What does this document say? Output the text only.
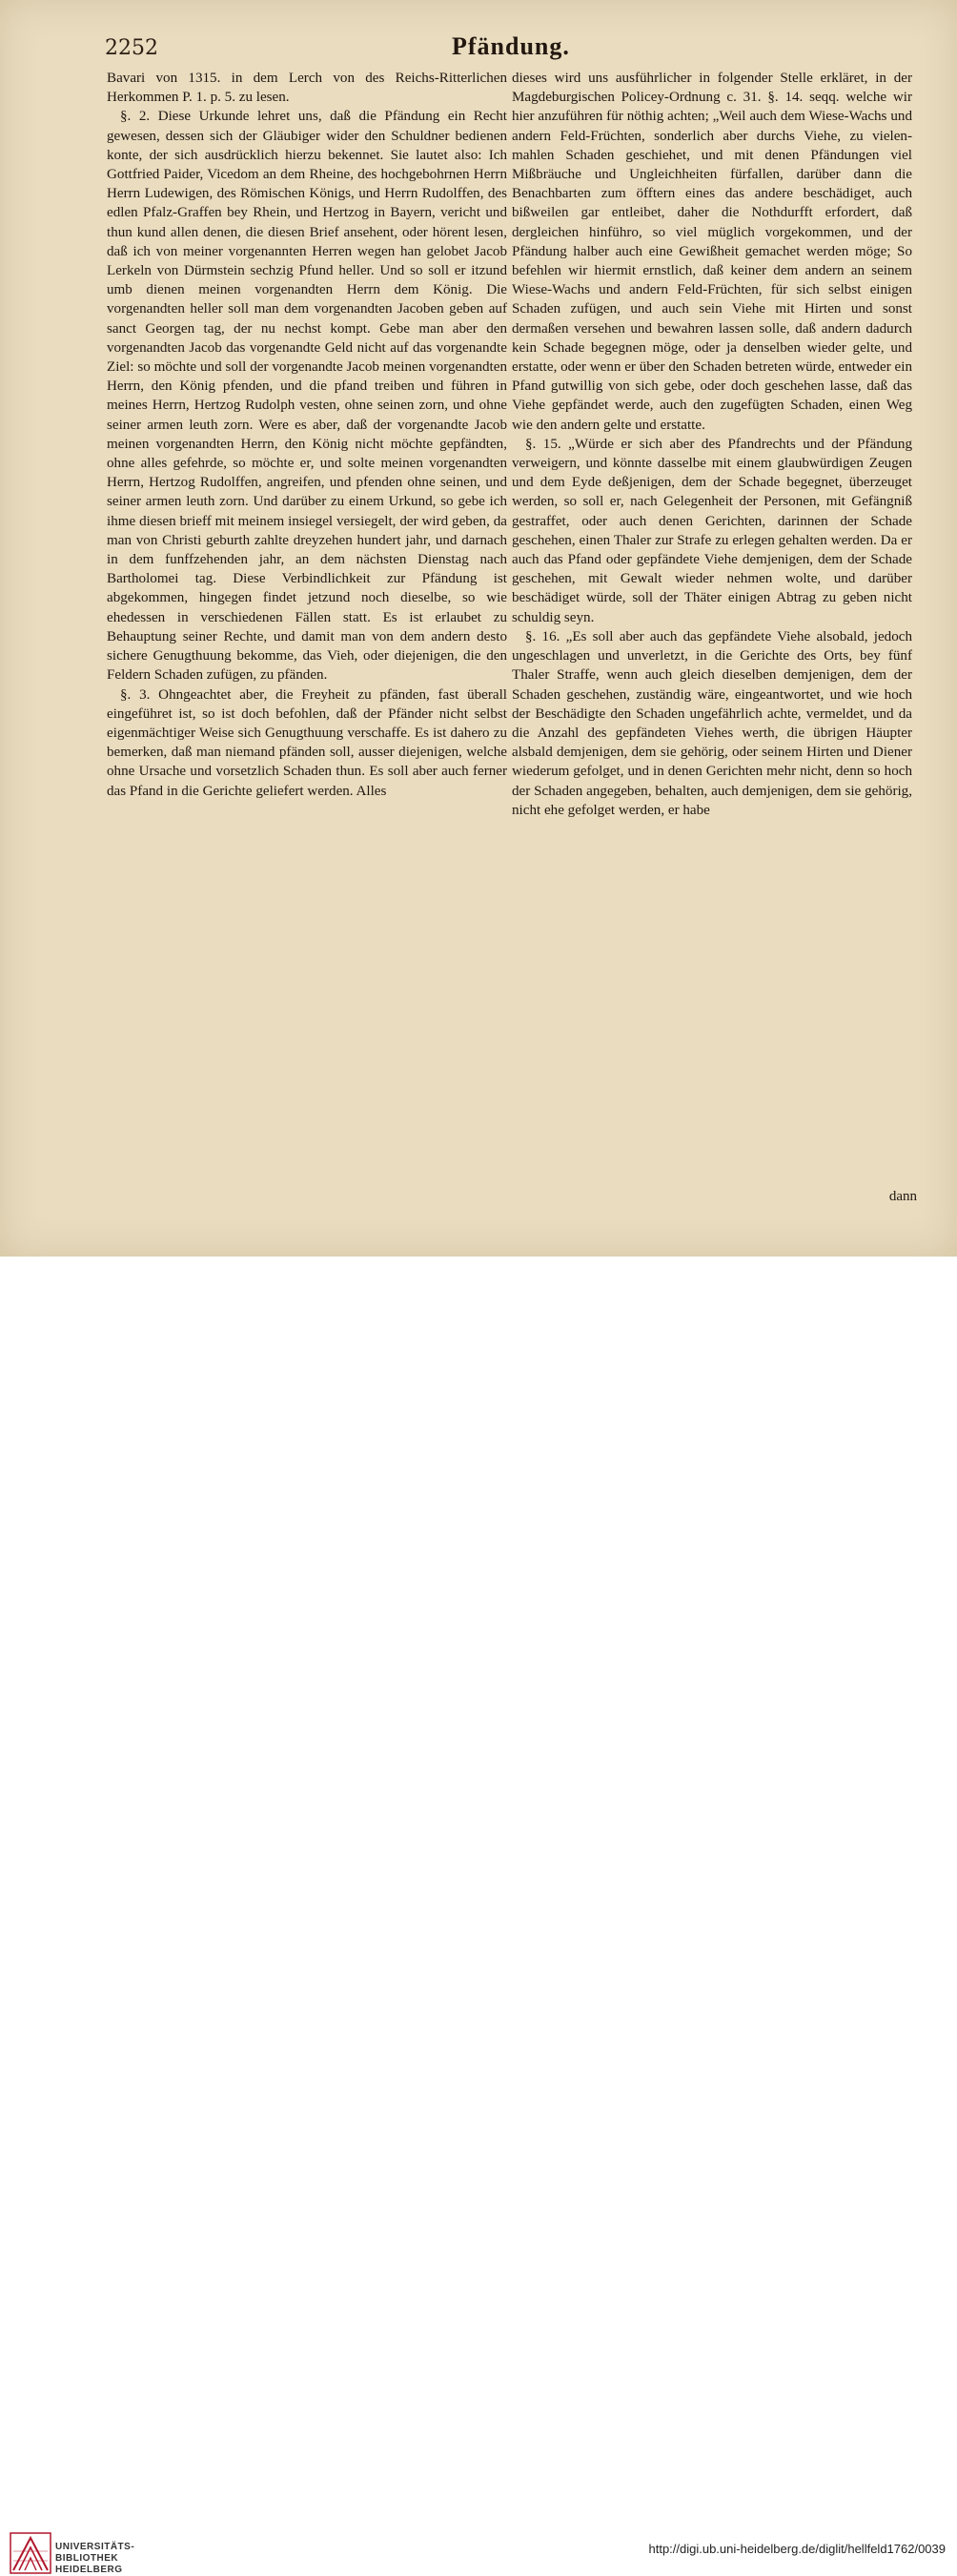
2252	Pfändung.

Bavari von 1315. in dem Lerch von des Reichs-Ritterlichen Herkommen P. 1. p. 5. zu lesen.

§. 2. Diese Urkunde lehret uns, daß die Pfändung ein Recht gewesen, dessen sich der Gläubiger wider den Schuldner bedienen konte, der sich ausdrücklich hierzu bekennet. Sie lautet also: Ich Gottfried Paider, Vicedom an dem Rheine, des hochgebohrnen Herrn Herrn Ludewigen, des Römischen Königs, und Herrn Rudolffen, des edlen Pfalz-Graffen bey Rhein, und Hertzog in Bayern, vericht und thun kund allen denen, die diesen Brief ansehent, oder hörent lesen, daß ich von meiner vorgenannten Herren wegen han gelobet Jacob Lerkeln von Dürmstein sechzig Pfund heller. Und so soll er itzund umb dienen meinen vorgenandten Herrn dem König. Die vorgenandten heller soll man dem vorgenandten Jacoben geben auf sanct Georgen tag, der nu nechst kompt. Gebe man aber den vorgenandten Jacob das vorgenandte Geld nicht auf das vorgenandte Ziel: so möchte und soll der vorgenandte Jacob meinen vorgenandten Herrn, den König pfenden, und die pfand treiben und führen in meines Herrn, Hertzog Rudolph vesten, ohne seinen zorn, und ohne seiner armen leuth zorn. Were es aber, daß der vorgenandte Jacob meinen vorgenandten Herrn, den König nicht möchte gepfändten, ohne alles gefehrde, so möchte er, und solte meinen vorgenandten Herrn, Hertzog Rudolffen, angreifen, und pfenden ohne seinen, und seiner armen leuth zorn. Und darüber zu einem Urkund, so gebe ich ihme diesen brieff mit meinem insiegel versiegelt, der wird geben, da man von Christi geburth zahlte dreyzehen hundert jahr, und darnach in dem funffzehenden jahr, an dem nächsten Dienstag nach Bartholomei tag. Diese Verbindlichkeit zur Pfändung ist abgekommen, hingegen findet jetzund noch dieselbe, so wie ehedessen in verschiedenen Fällen statt. Es ist erlaubet zu Behauptung seiner Rechte, und damit man von dem andern desto sichere Genugthuung bekomme, das Vieh, oder diejenigen, die den Feldern Schaden zufügen, zu pfänden.

§. 3. Ohngeachtet aber, die Freyheit zu pfänden, fast überall eingeführet ist, so ist doch befohlen, daß der Pfänder nicht selbst eigenmächtiger Weise sich Genugthuung verschaffe. Es ist dahero zu bemerken, daß man niemand pfänden soll, ausser diejenigen, welche ohne Ursache und vorsetzlich Schaden thun. Es soll aber auch ferner das Pfand in die Gerichte geliefert werden. Alles

dieses wird uns ausführlicher in folgender Stelle erkläret, in der Magdeburgischen Policey-Ordnung c. 31. §. 14. seqq. welche wir hier anzuführen für nöthig achten; „Weil auch dem Wiese-Wachs und andern Feld-Früchten, sonderlich aber durchs Viehe, zu vielen-mahlen Schaden geschiehet, und mit denen Pfändungen viel Mißbräuche und Ungleichheiten fürfallen, darüber dann die Benachbarten zum öfftern eines das andere beschädiget, auch bißweilen gar entleibet, daher die Nothdurfft erfordert, daß dergleichen hinführo, so viel müglich vorgekommen, und der Pfändung halber auch eine Gewißheit gemachet werden möge; So befehlen wir hiermit ernstlich, daß keiner dem andern an seinem Wiese-Wachs und andern Feld-Früchten, für sich selbst einigen Schaden zufügen, und auch sein Viehe mit Hirten und sonst dermaßen versehen und bewahren lassen solle, daß andern dadurch kein Schade begegnen möge, oder ja denselben wieder gelte, und erstatte, oder wenn er über den Schaden betreten würde, entweder ein Pfand gutwillig von sich gebe, oder doch geschehen lasse, daß das Viehe gepfändet werde, auch den zugefügten Schaden, einen Weg wie den andern gelte und erstatte.

§. 15. „Würde er sich aber des Pfandrechts und der Pfändung verweigern, und könnte dasselbe mit einem glaubwürdigen Zeugen und dem Eyde deßjenigen, dem der Schade begegnet, überzeuget werden, so soll er, nach Gelegenheit der Personen, mit Gefängniß gestraffet, oder auch denen Gerichten, darinnen der Schade geschehen, einen Thaler zur Strafe zu erlegen gehalten werden. Da er auch das Pfand oder gepfändete Viehe demjenigen, dem der Schade geschehen, mit Gewalt wieder nehmen wolte, und darüber beschädiget würde, soll der Thäter einigen Abtrag zu geben nicht schuldig seyn.

§. 16. „Es soll aber auch das gepfändete Viehe alsobald, jedoch ungeschlagen und unverletzt, in die Gerichte des Orts, bey fünf Thaler Straffe, wenn auch gleich dieselben demjenigen, dem der Schaden geschehen, zuständig wäre, eingeantwortet, und wie hoch der Beschädigte den Schaden ungefährlich achte, vermeldet, und da die Anzahl des gepfändeten Viehes werth, die übrigen Häupter alsbald demjenigen, dem sie gehörig, oder seinem Hirten und Diener wiederum gefolget, und in denen Gerichten mehr nicht, denn so hoch der Schaden angegeben, behalten, auch demjenigen, dem sie gehörig, nicht ehe gefolget werden, er habe

dann
UNIVERSITÄTS-
BIBLIOTHEK
HEIDELBERG
http://digi.ub.uni-heidelberg.de/diglit/hellfeld1762/0039
